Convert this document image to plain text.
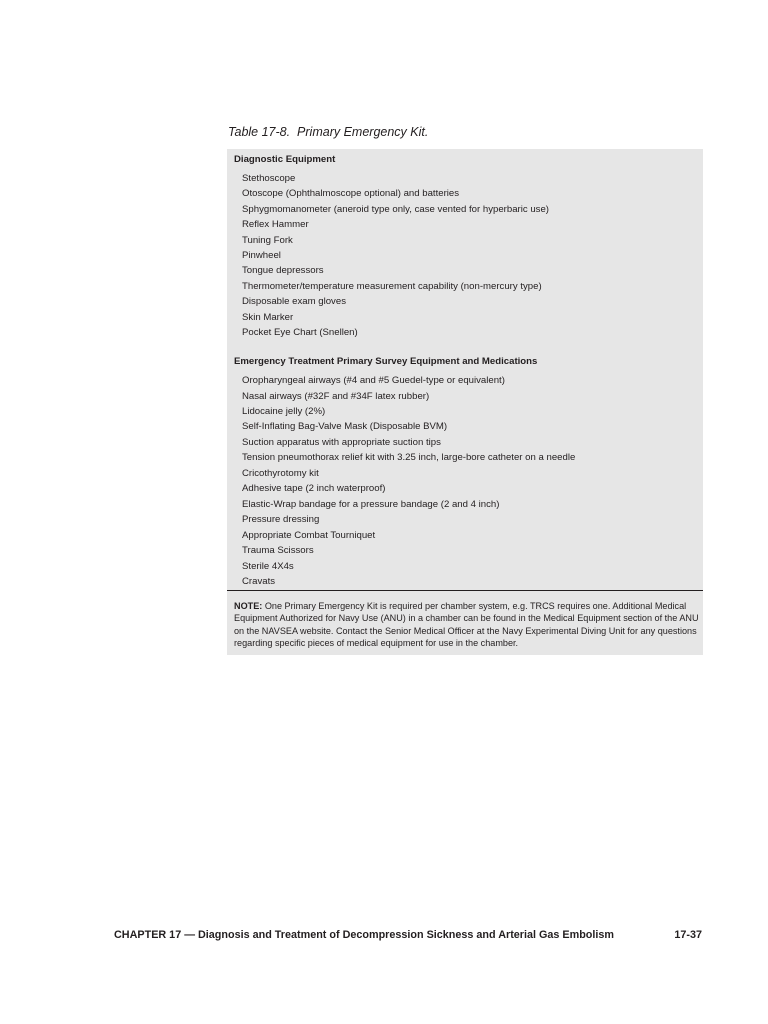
Table 17-8. Primary Emergency Kit.
Diagnostic Equipment
Stethoscope
Otoscope (Ophthalmoscope optional) and batteries
Sphygmomanometer (aneroid type only, case vented for hyperbaric use)
Reflex Hammer
Tuning Fork
Pinwheel
Tongue depressors
Thermometer/temperature measurement capability (non-mercury type)
Disposable exam gloves
Skin Marker
Pocket Eye Chart (Snellen)
Emergency Treatment Primary Survey Equipment and Medications
Oropharyngeal airways (#4 and #5 Guedel-type or equivalent)
Nasal airways (#32F and #34F latex rubber)
Lidocaine jelly (2%)
Self-Inflating Bag-Valve Mask (Disposable BVM)
Suction apparatus with appropriate suction tips
Tension pneumothorax relief kit with 3.25 inch, large-bore catheter on a needle
Cricothyrotomy kit
Adhesive tape (2 inch waterproof)
Elastic-Wrap bandage for a pressure bandage (2 and 4 inch)
Pressure dressing
Appropriate Combat Tourniquet
Trauma Scissors
Sterile 4X4s
Cravats
NOTE: One Primary Emergency Kit is required per chamber system, e.g. TRCS requires one. Additional Medical Equipment Authorized for Navy Use (ANU) in a chamber can be found in the Medical Equipment section of the ANU on the NAVSEA website. Contact the Senior Medical Officer at the Navy Experimental Diving Unit for any questions regarding specific pieces of medical equipment for use in the chamber.
CHAPTER 17 — Diagnosis and Treatment of Decompression Sickness and Arterial Gas Embolism	17-37
